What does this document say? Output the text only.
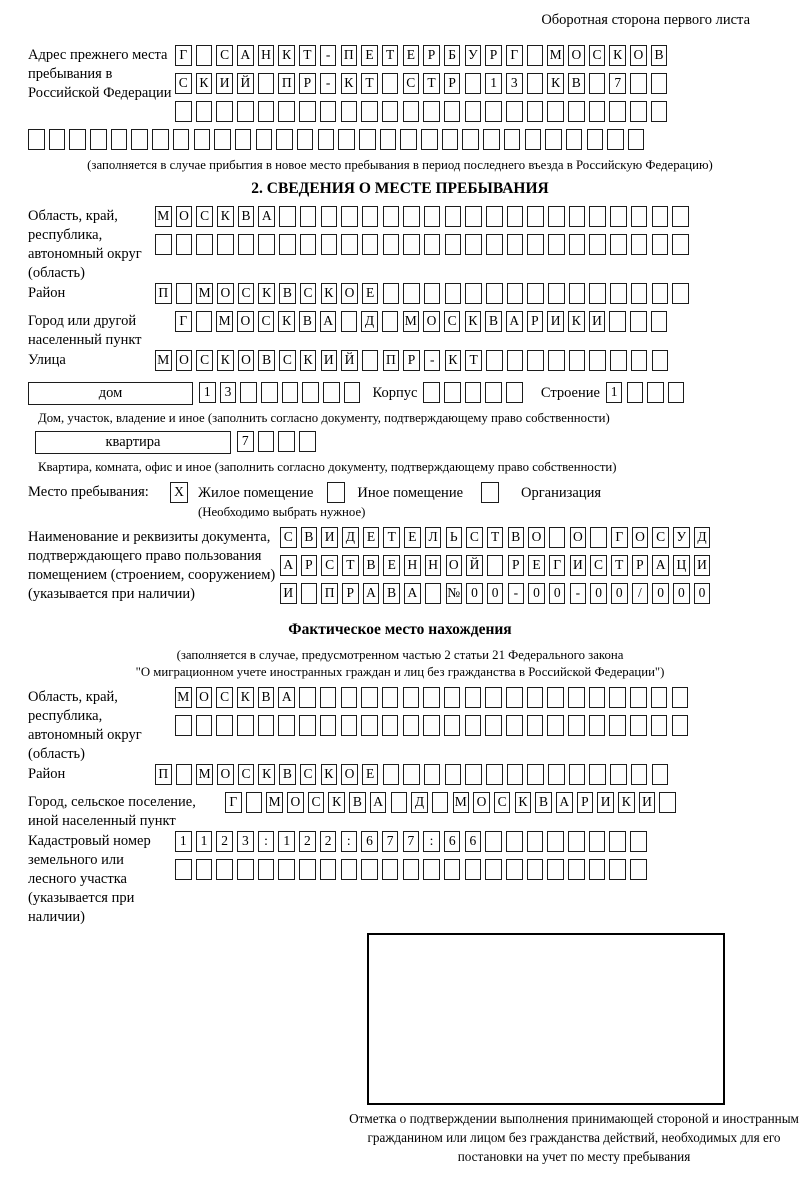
Оборотная сторона первого листа
Адрес прежнего места пребывания в Российской Федерации
Г С А Н К Т - П Е Т Е Р Б У Р Г М О С К О В
С К И Й П Р - К Т С Т Р	1 3 К В 7
(заполняется в случае прибытия в новое место пребывания в период последнего въезда в Российскую Федерацию)
2. СВЕДЕНИЯ О МЕСТЕ ПРЕБЫВАНИЯ
Область, край, республика, автономный округ (область)
М О С К В А
Район	П М О С К В С К О Е
Город или другой населенный пункт
Г М О С К В А Д М О С К В А Р И К И
Улица	М О С К О В С К И Й П Р - К Т
дом	1 3	Корпус	Строение 1
Дом, участок, владение и иное (заполнить согласно документу, подтверждающему право собственности)
квартира	7
Квартира, комната, офис и иное (заполнить согласно документу, подтверждающему право собственности)
Место пребывания:	X Жилое помещение	Иное помещение	Организация
(Необходимо выбрать нужное)
Наименование и реквизиты документа, подтверждающего право пользования помещением (строением, сооружением) (указывается при наличии)
С В И Д Е Т Е Л Ь С Т В О О Г О С У Д
А Р С Т В Е Н Н О Й Р Е Г И С Т Р А Ц И
И П Р А В А № 0 0 - 0 0 - 0 0 / 0 0 0
Фактическое место нахождения
(заполняется в случае, предусмотренном частью 2 статьи 21 Федерального закона
"О миграционном учете иностранных граждан и лиц без гражданства в Российской Федерации")
Область, край, республика, автономный округ (область)
М О С К В А
Район	П М О С К В С К О Е
Город, сельское поселение, иной населенный пункт
Г М О С К В А Д М О С К В А Р И К И
Кадастровый номер земельного или лесного участка (указывается при наличии)
1 1 2 3 : 1 2 2 : 6 7 7 : 6 6
Отметка о подтверждении выполнения принимающей стороной и иностранным гражданином или лицом без гражданства действий, необходимых для его постановки на учет по месту пребывания
